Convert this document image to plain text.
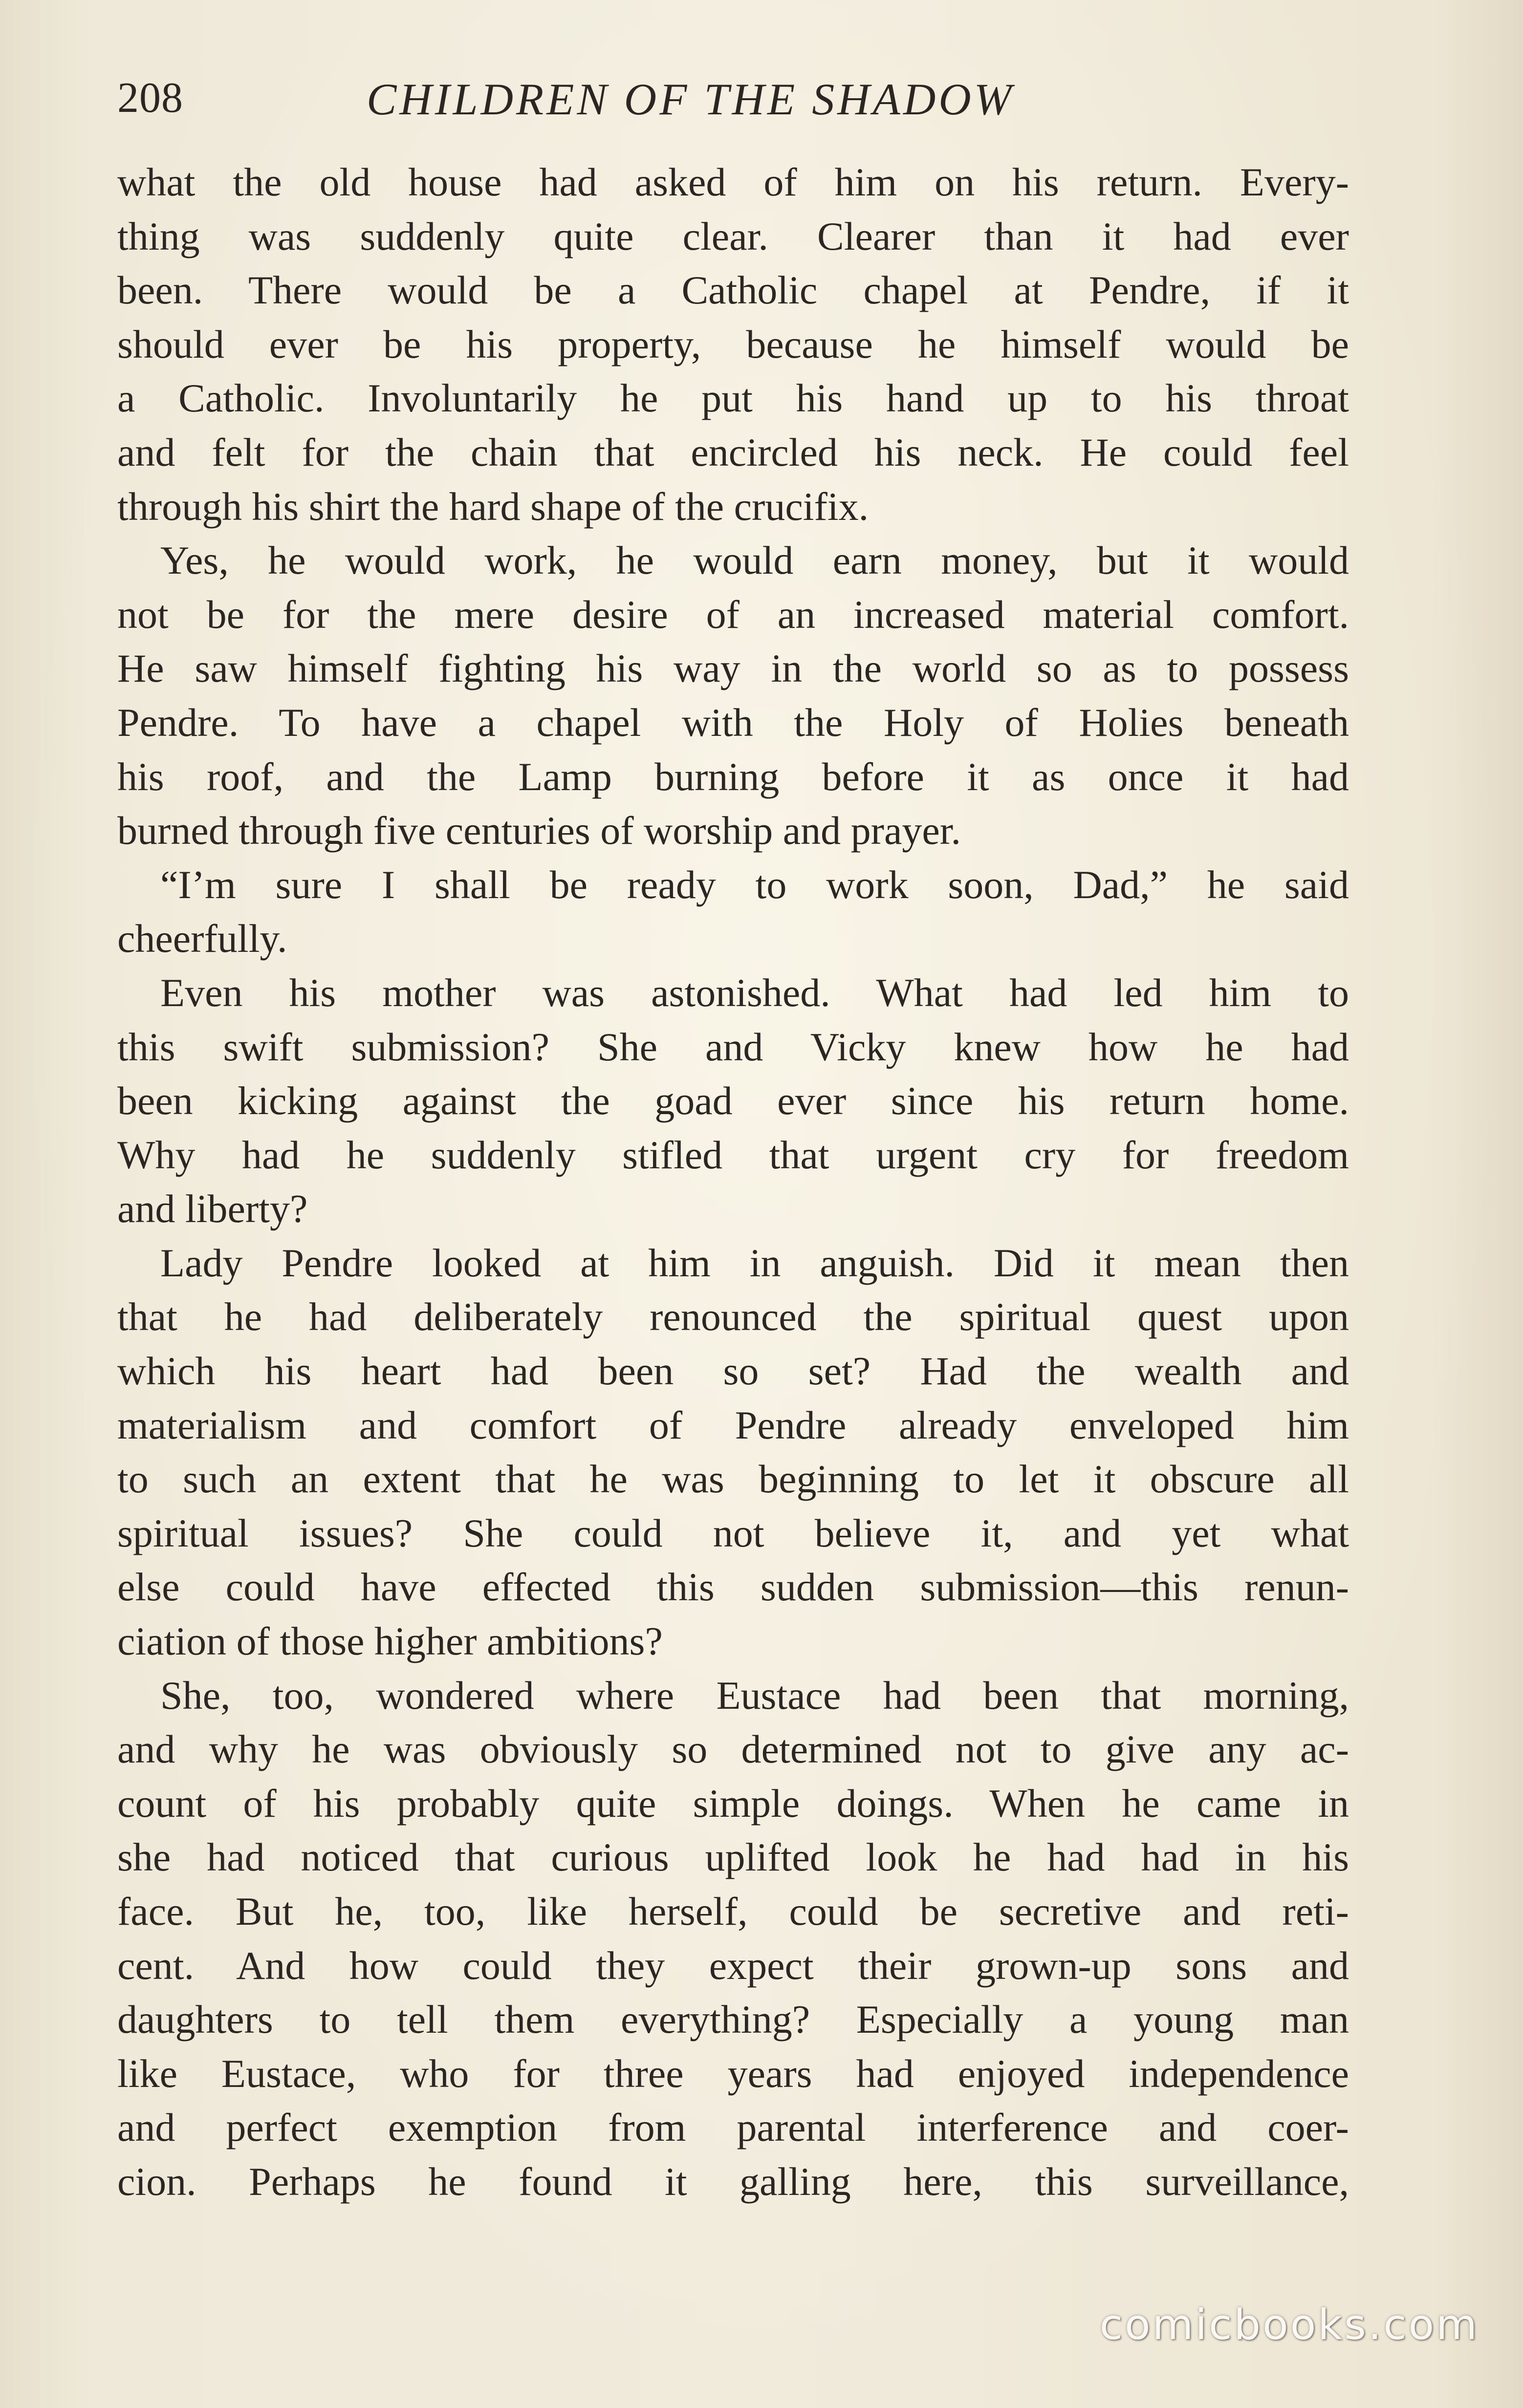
208	CHILDREN OF THE SHADOW
what the old house had asked of him on his return. Every-
thing was suddenly quite clear. Clearer than it had ever
been. There would be a Catholic chapel at Pendre, if it
should ever be his property, because he himself would be
a Catholic. Involuntarily he put his hand up to his throat
and felt for the chain that encircled his neck. He could feel
through his shirt the hard shape of the crucifix.
Yes, he would work, he would earn money, but it would
not be for the mere desire of an increased material comfort.
He saw himself fighting his way in the world so as to possess
Pendre. To have a chapel with the Holy of Holies beneath
his roof, and the Lamp burning before it as once it had
burned through five centuries of worship and prayer.
“I’m sure I shall be ready to work soon, Dad,” he said
cheerfully.
Even his mother was astonished. What had led him to
this swift submission? She and Vicky knew how he had
been kicking against the goad ever since his return home.
Why had he suddenly stifled that urgent cry for freedom
and liberty?
Lady Pendre looked at him in anguish. Did it mean then
that he had deliberately renounced the spiritual quest upon
which his heart had been so set? Had the wealth and
materialism and comfort of Pendre already enveloped him
to such an extent that he was beginning to let it obscure all
spiritual issues? She could not believe it, and yet what
else could have effected this sudden submission—this renun-
ciation of those higher ambitions?
She, too, wondered where Eustace had been that morning,
and why he was obviously so determined not to give any ac-
count of his probably quite simple doings. When he came in
she had noticed that curious uplifted look he had had in his
face. But he, too, like herself, could be secretive and reti-
cent. And how could they expect their grown-up sons and
daughters to tell them everything? Especially a young man
like Eustace, who for three years had enjoyed independence
and perfect exemption from parental interference and coer-
cion. Perhaps he found it galling here, this surveillance,
comicbooks.com
